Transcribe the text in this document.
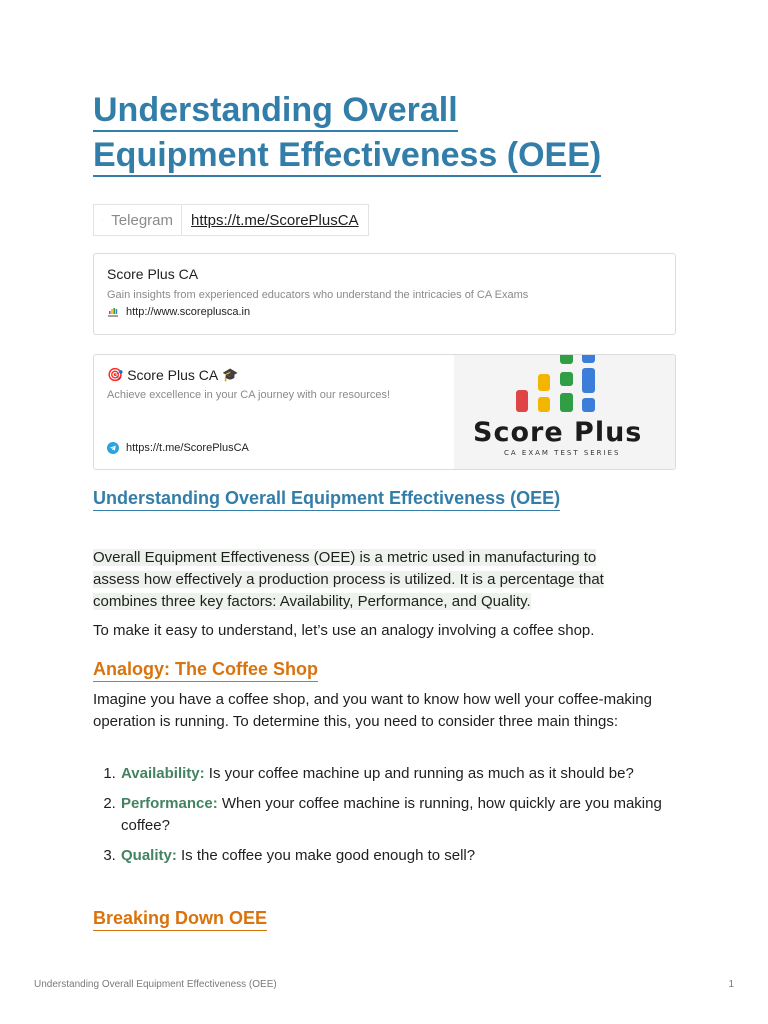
Understanding Overall
Equipment Effectiveness (OEE)
Telegram	https://t.me/ScorePlusCA
Score Plus CA
Gain insights from experienced educators who understand the intricacies of CA Exams
http://www.scoreplusca.in
🎯 Score Plus CA 🎓
Achieve excellence in your CA journey with our resources!
https://t.me/ScorePlusCA	Score Plus
CA EXAM TEST SERIES
Understanding Overall Equipment Effectiveness (OEE)
Overall Equipment Effectiveness (OEE) is a metric used in manufacturing to
assess how effectively a production process is utilized. It is a percentage that
combines three key factors: Availability, Performance, and Quality.
To make it easy to understand, let’s use an analogy involving a coffee shop.
Analogy: The Coffee Shop
Imagine you have a coffee shop, and you want to know how well your coffee-making operation is running. To determine this, you need to consider three main things:
1. Availability: Is your coffee machine up and running as much as it should be?
2. Performance: When your coffee machine is running, how quickly are you making coffee?
3. Quality: Is the coffee you make good enough to sell?
Breaking Down OEE
Understanding Overall Equipment Effectiveness (OEE)	1
